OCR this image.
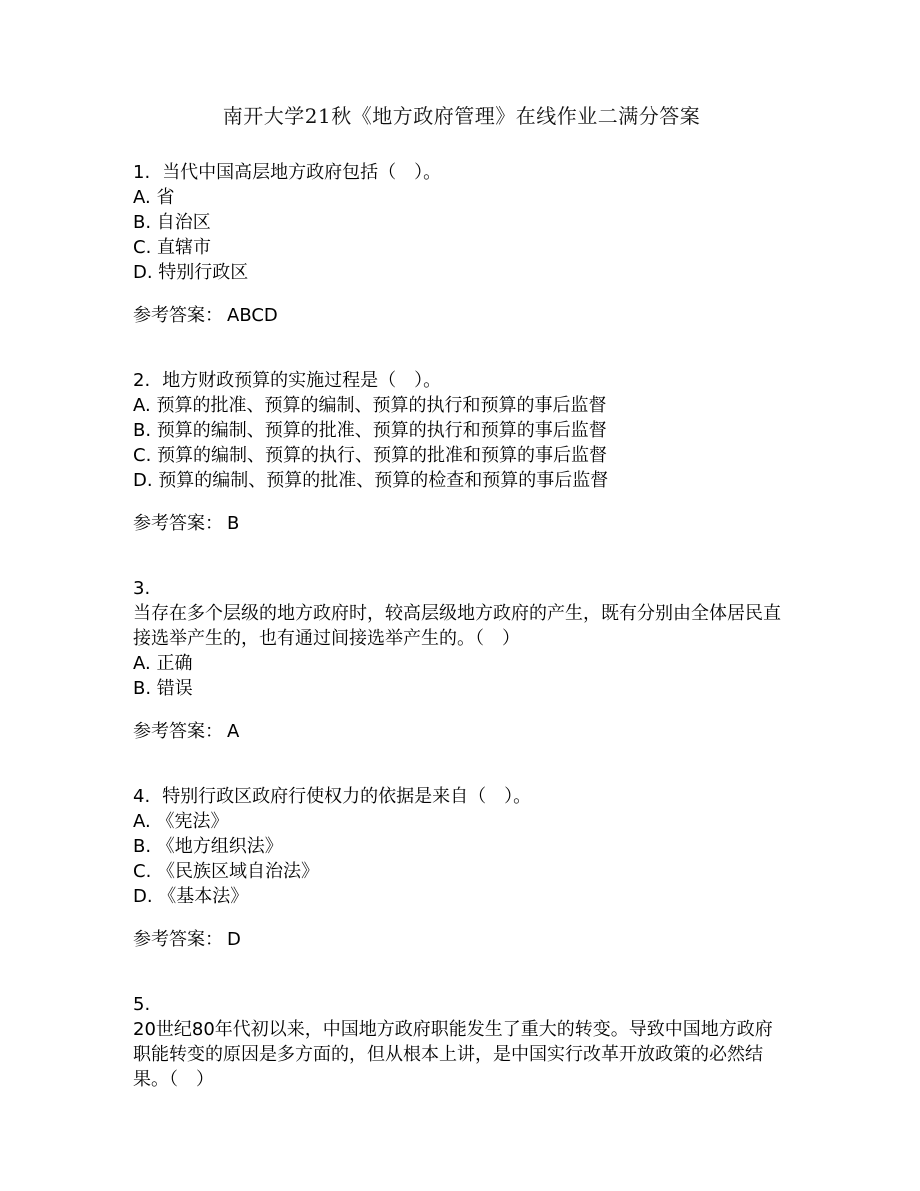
南开大学21秋《地方政府管理》在线作业二满分答案

1. 当代中国高层地方政府包括（　）。

A. 省

B. 自治区

C. 直辖市

D. 特别行政区

参考答案： ABCD

2. 地方财政预算的实施过程是（　）。

A. 预算的批准、预算的编制、预算的执行和预算的事后监督

B. 预算的编制、预算的批准、预算的执行和预算的事后监督

C. 预算的编制、预算的执行、预算的批准和预算的事后监督

D. 预算的编制、预算的批准、预算的检查和预算的事后监督

参考答案： B

3.

当存在多个层级的地方政府时，较高层级地方政府的产生，既有分别由全体居民直接选举产生的，也有通过间接选举产生的。（　）

A. 正确

B. 错误

参考答案： A

4. 特别行政区政府行使权力的依据是来自（　）。

A. 《宪法》

B. 《地方组织法》

C. 《民族区域自治法》

D. 《基本法》

参考答案： D

5.

20世纪80年代初以来，中国地方政府职能发生了重大的转变。导致中国地方政府职能转变的原因是多方面的，但从根本上讲，是中国实行改革开放政策的必然结果。（　）
